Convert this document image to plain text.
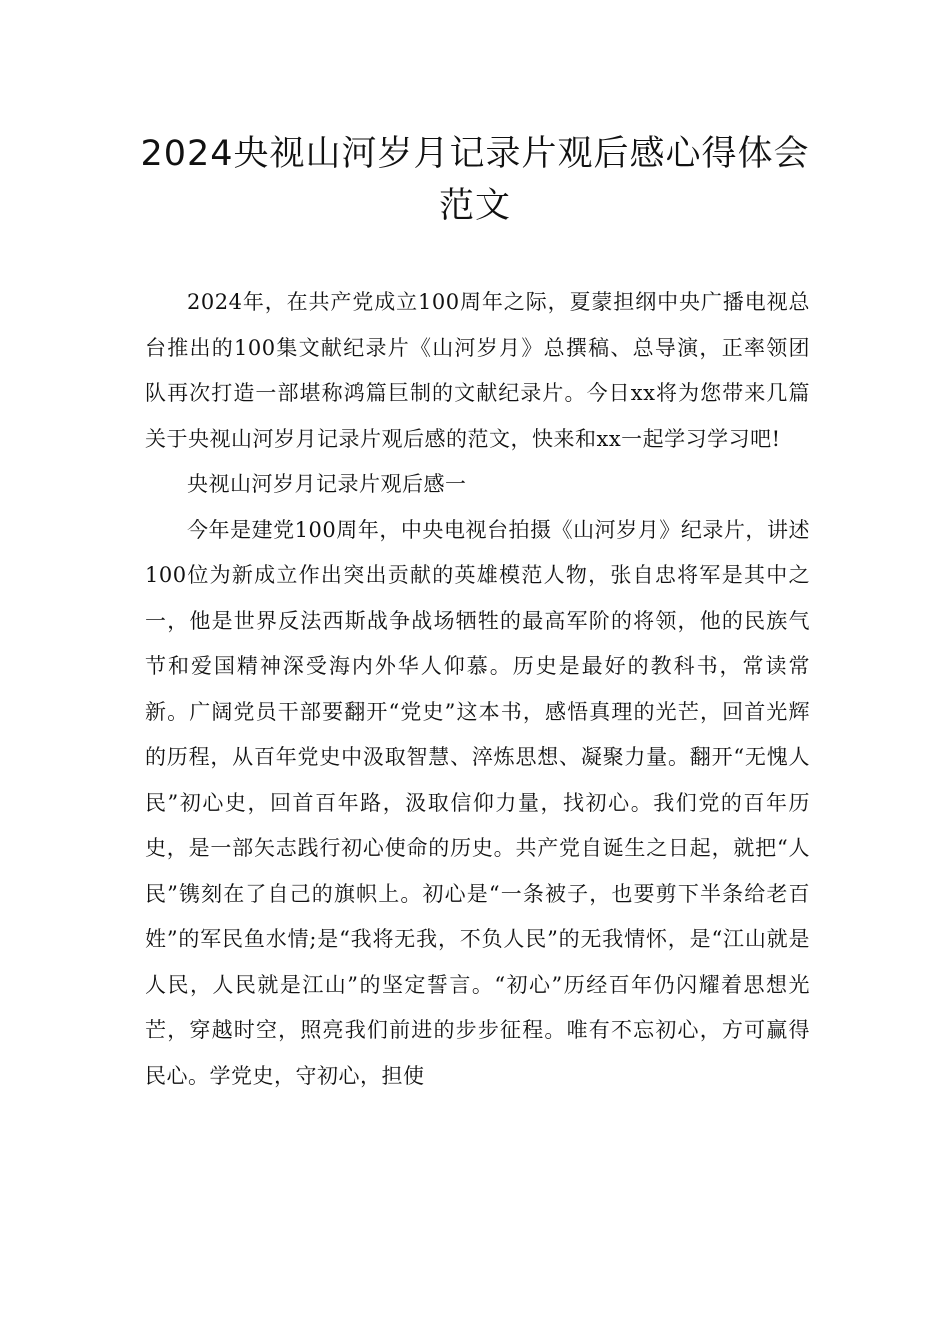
2024央视山河岁月记录片观后感心得体会范文

2024年，在共产党成立100周年之际，夏蒙担纲中央广播电视总台推出的100集文献纪录片《山河岁月》总撰稿、总导演，正率领团队再次打造一部堪称鸿篇巨制的文献纪录片。今日xx将为您带来几篇关于央视山河岁月记录片观后感的范文，快来和xx一起学习学习吧!

央视山河岁月记录片观后感一

今年是建党100周年，中央电视台拍摄《山河岁月》纪录片，讲述100位为新成立作出突出贡献的英雄模范人物，张自忠将军是其中之一，他是世界反法西斯战争战场牺牲的最高军阶的将领，他的民族气节和爱国精神深受海内外华人仰慕。历史是最好的教科书，常读常新。广阔党员干部要翻开“党史”这本书，感悟真理的光芒，回首光辉的历程，从百年党史中汲取智慧、淬炼思想、凝聚力量。翻开“无愧人民”初心史，回首百年路，汲取信仰力量，找初心。我们党的百年历史，是一部矢志践行初心使命的历史。共产党自诞生之日起，就把“人民”镌刻在了自己的旗帜上。初心是“一条被子，也要剪下半条给老百姓”的军民鱼水情;是“我将无我，不负人民”的无我情怀，是“江山就是人民，人民就是江山”的坚定誓言。“初心”历经百年仍闪耀着思想光芒，穿越时空，照亮我们前进的步步征程。唯有不忘初心，方可赢得民心。学党史，守初心，担使
